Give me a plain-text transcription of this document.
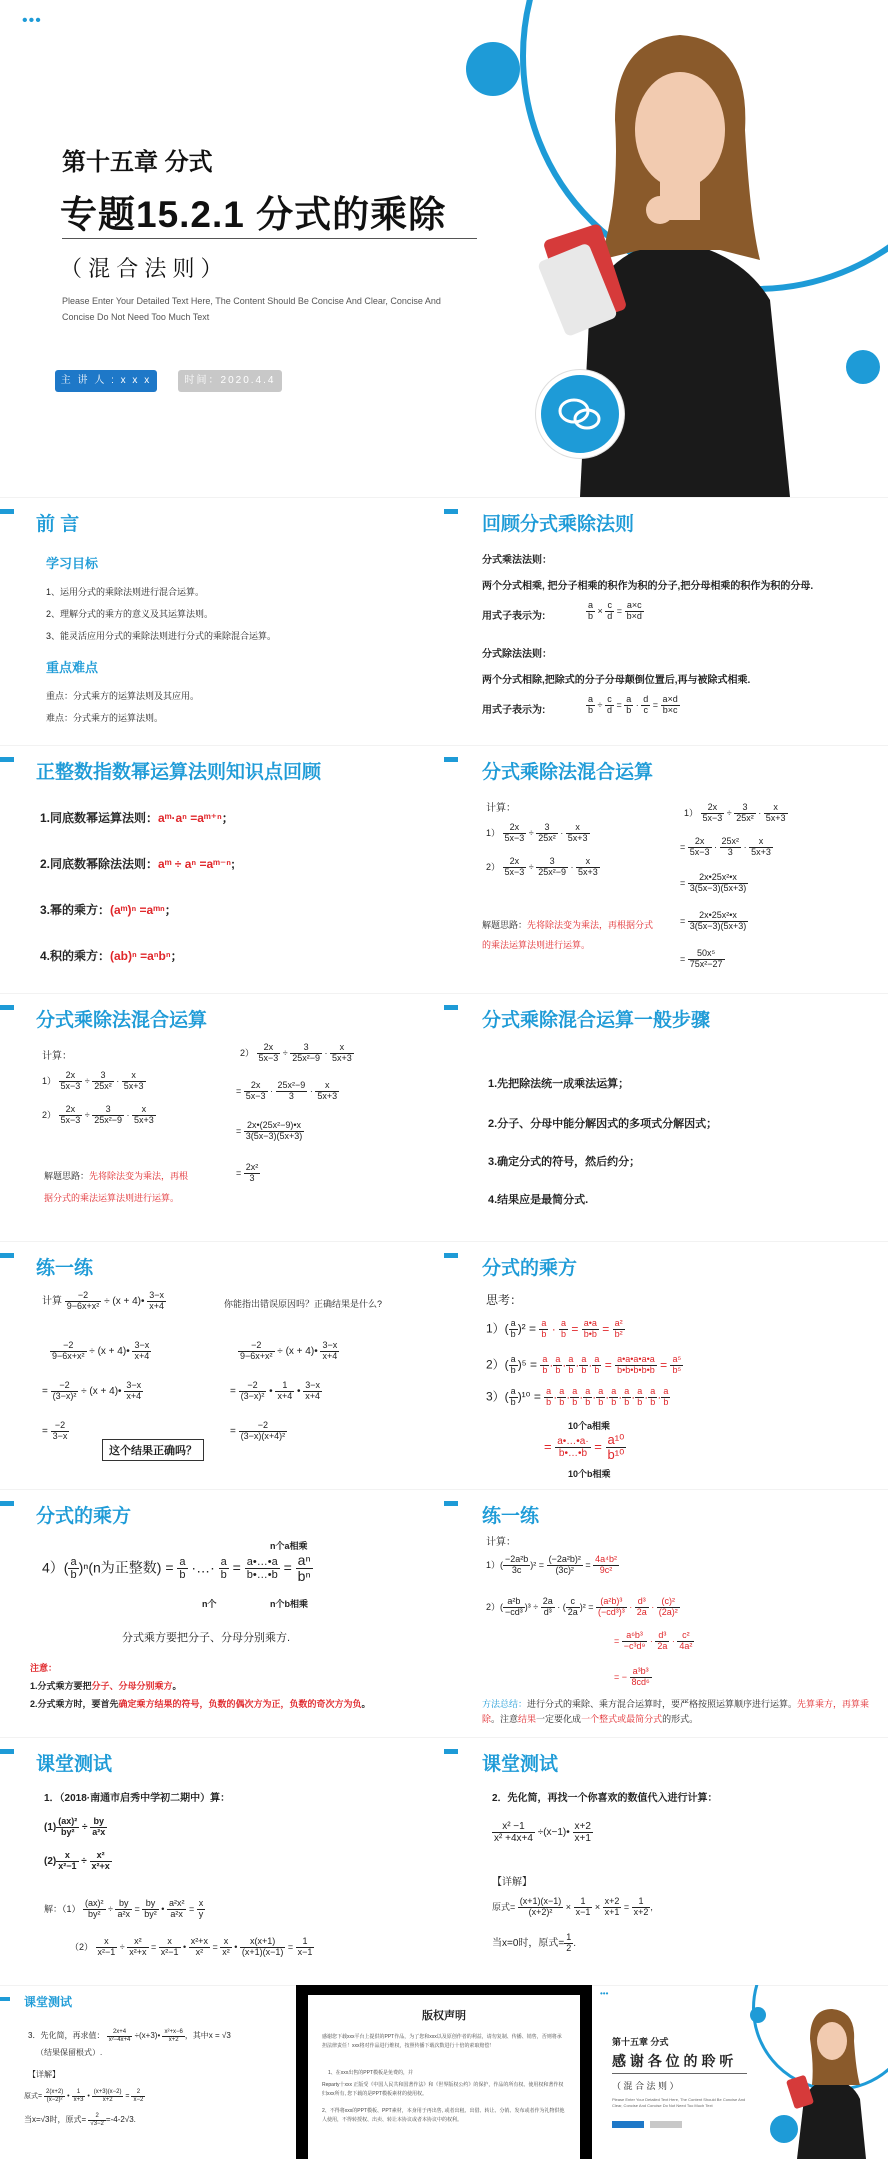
•••
第十五章 分式
专题15.2.1 分式的乘除
（ 混 合 法 则 ）
Please Enter Your Detailed Text Here, The Content Should Be Concise And Clear, Concise And
Concise Do Not Need Too Much Text
主 讲 人 : x x x	时间：2020.4.4
前 言
学习目标
1、运用分式的乘除法则进行混合运算。
2、理解分式的乘方的意义及其运算法则。
3、能灵活应用分式的乘除法则进行分式的乘除混合运算。
重点难点
重点：分式乘方的运算法则及其应用。
难点：分式乘方的运算法则。
回顾分式乘除法则
分式乘法法则：
两个分式相乘, 把分子相乘的积作为积的分子,把分母相乘的积作为积的分母.
用式子表示为:	$\frac{a}{b} \times \frac{c}{d} = \frac{a\times c}{b\times d}$
分式除法法则：
两个分式相除,把除式的分子分母颠倒位置后,再与被除式相乘.
用式子表示为:	$\frac{a}{b} \div \frac{c}{d} = \frac{a}{b} \cdot \frac{d}{c} = \frac{a\times d}{b\times c}$
正整数指数幂运算法则知识点回顾
1.同底数幂运算法则：aᵐ·aⁿ =aᵐ⁺ⁿ；
2.同底数幂除法法则：aᵐ ÷ aⁿ =aᵐ⁻ⁿ;
3.幂的乘方：(aᵐ)ⁿ =aᵐⁿ；
4.积的乘方：(ab)ⁿ =aⁿbⁿ；
分式乘除法混合运算
计算：
$1) \frac{2x}{5x-3} \div \frac{3}{\text{25x²}} \cdot \frac{x}{5x+3}$
$2) \frac{2x}{5x-3} \div \frac{3}{\text{25x²−9}} \cdot \frac{x}{5x+3}$
解题思路：先将除法变为乘法，再根据分式的乘法运算法则进行运算。
$1) \frac{2x}{5x-3} \div \frac{3}{\text{25x²}} \cdot \frac{x}{5x+3}$
= $\frac{2x}{5x-3} \cdot \frac{\text{25x²}}{3} \cdot \frac{x}{5x+3}$
= $\frac{\text{2x•25x²•x}}{3(5x-3)(5x+3)}$
= $\frac{\text{2x•25x²•x}}{3(5x-3)(5x+3)}$
= $\frac{\text{50x⁵}}{\text{75x²−27}}$
分式乘除法混合运算
计算：
$1) \frac{2x}{5x-3} \div \frac{3}{\text{25x²}} \cdot \frac{x}{5x+3}$
$2) \frac{2x}{5x-3} \div \frac{3}{\text{25x²−9}} \cdot \frac{x}{5x+3}$
解题思路：先将除法变为乘法，再根
据分式的乘法运算法则进行运算。
$2) \frac{2x}{5x-3} \div \frac{3}{\text{25x²−9}} \cdot \frac{x}{5x+3}$
= $\frac{2x}{5x-3} \cdot \frac{\text{25x²−9}}{3} \cdot \frac{x}{5x+3}$
= $\frac{\text{2x•(25x²−9)•x}}{3(5x-3)(5x+3)}$
= $\frac{\text{2x²}}{3}$
分式乘除混合运算一般步骤
1.先把除法统一成乘法运算；
2.分子、分母中能分解因式的多项式分解因式；
3.确定分式的符号，然后约分；
4.结果应是最简分式.
练一练
计算 $\frac{-2}{\text{9−6x+x²}} \div (x$ + 4)• $\frac{3-x}{x+4}$	你能指出错误原因吗？正确结果是什么?
$\frac{-2}{\text{9−6x+x²}} \div (x$ + 4)• $\frac{3-x}{x+4}$
= $\frac{-2}{\text{(3−x)²}} \div (x$ + 4)• $\frac{3-x}{x+4}$
= $\frac{-2}{3-x}$
这个结果正确吗？
$\frac{-2}{\text{9−6x+x²}} \div (x$ + 4)• $\frac{3-x}{x+4}$
= $\frac{-2}{\text{(3−x)²}}$ • $\frac{1}{x+4}$ • $\frac{3-x}{x+4}$
= $\frac{-2}{\text{(3−x)(x+4)²}}$
分式的乘方
思考：
$1)( \frac{a}{b} )^2 = \frac{a}{b} \cdot \frac{a}{b} = \frac{a•a}{b•b} = \frac{\text{a²}}{\text{b²}}$
$2)( \frac{a}{b} )^5 = \frac{a}{b} \cdot \frac{a}{b} \cdot \frac{a}{b} \cdot \frac{a}{b} \cdot \frac{a}{b} = \frac{a•a•a•a•a}{b•b•b•b•b} = \frac{\text{a⁵}}{\text{b⁵}}$
$3)( \frac{a}{b} )^{10} = \frac{a}{b} \cdot \frac{a}{b} \cdot \frac{a}{b} \cdot \frac{a}{b} \cdot \frac{a}{b} \cdot \frac{a}{b} \cdot \frac{a}{b} \cdot \frac{a}{b} \cdot \frac{a}{b} \cdot \frac{a}{b}$
10个a相乘
= $\frac{a•\dots•a\cdot}{b•\dots•b} = \frac{\text{a¹⁰}}{\text{b¹⁰}}$
10个b相乘
分式的乘方
n个a相乘
$4)( \frac{a}{b} )^n(n$为正整数) = $\frac{a}{b}$ ·…· $\frac{a}{b} = \frac{a•\dots•a}{b•\dots•b} = \frac{\text{aⁿ}}{\text{bⁿ}}$
n个	n个b相乘
分式乘方要把分子、分母分别乘方.
注意：
1.分式乘方要把分子、分母分别乘方。
2.分式乘方时，要首先确定乘方结果的符号，负数的偶次方为正，负数的奇次方为负。
练一练
计算：
$1)( \frac{\text{−2a²b}}{3c} )^2 = \frac{\text{(−2a²b)²}}{\text{(3c)²}} = \frac{\text{4a⁴b²}}{\text{9c²}}$
$2)( \frac{\text{a²b}}{\text{−cd³}} )^3 \div \frac{2a}{\text{d³}}$ · ( $\frac{c}{2a} )^2 = \frac{\text{(a²b)³}}{\text{(−cd³)³}} \cdot \frac{\text{d³}}{2a} \cdot \frac{\text{(c)²}}{\text{(2a)²}}$
= $\frac{\text{a⁶b³}}{\text{−c³d⁹}} \cdot \frac{\text{d³}}{2a} \cdot \frac{\text{c²}}{\text{4a²}}$
= − $\frac{\text{a³b³}}{\text{8cd⁶}}$
方法总结：进行分式的乘除、乘方混合运算时，要严格按照运算顺序进行运算。先算乘方，再算乘除。注意结果一定要化成一个整式或最简分式的形式。
课堂测试
1．（2018·南通市启秀中学初二期中）算：
$(1) \frac{\text{(ax)²}}{\text{by²}} \div \frac{by}{\text{a²x}}$
$(2) \frac{x}{\text{x²−1}} \div \frac{\text{x²}}{\text{x²+x}}$
解：$(1) \frac{\text{(ax)²}}{\text{by²}} \div \frac{by}{\text{a²x}} = \frac{by}{\text{by²}}$ • $\frac{\text{a²x²}}{\text{a²x}} = \frac{x}{y}$
$(2) \frac{x}{\text{x²−1}} \div \frac{\text{x²}}{\text{x²+x}} = \frac{x}{\text{x²−1}}$ • $\frac{\text{x²+x}}{\text{x²}} = \frac{x}{\text{x²}}$ • $\frac{x(x+1)}{(x+1)(x-1)} = \frac{1}{x-1}$
课堂测试
2．先化简，再找一个你喜欢的数值代入进行计算：
$\frac{\text{x² −1}}{\text{x² +4x+4}}$ ÷(x−1)• $\frac{x+2}{x+1}$
【详解】
原式= $\frac{(x+1)(x-1)}{\text{(x+2)²}} \times \frac{1}{x-1} \times \frac{x+2}{x+1} = \frac{1}{x+2}$ ,
当x=0时，原式= $\frac{1}{2}$ .
课堂测试
3．先化简，再求值： $\frac{2x+4}{\text{x²−4x+4}}$ ÷(x+3)• $\frac{\text{x²+x−6}}{x+2}$ ，其中x = √3
（结果保留根式）.
【详解】
原式= $\frac{2(x+2)}{\text{(x−2)²}}$ • $\frac{1}{x+3}$ • $\frac{(x+3)(x-2)}{x+2} = \frac{2}{x-2}$
当x=√3时，原式= $\frac{2}{√3-2} =-4-2√3$.
版权声明
感谢您下载xxx平台上提供的PPT作品，为了您和xxx以及原创作者的利益，请勿复制、传播、销售，否则将承担法律责任！xxx将对作品进行维权，按照传播下载次数进行十倍的索取赔偿！
1、在xxx出售的PPT模板是免费的，并
Reparty十xxx 正版受《中国人民共和国著作法》和《世界版权公约》的保护，作品的所有权、使用权和著作权归xxx所有, 您下载的是PPT模板素材的使用权。
2、不得将xxx的PPT模板、PPT素材，本身用于再出售, 或者出租、出借、转让、分销、发布或者作为礼物供他人使用，不得转授权、出卖、转让本协议或者本协议中的权利。
•••
第十五章 分式
感 谢 各 位 的 聆 听
（ 混 合 法 则 ）
Please Enter Your Detailed Text Here, The Content Should Be Concise And Clear, Concise And Concise Do Not Need Too Much Text
